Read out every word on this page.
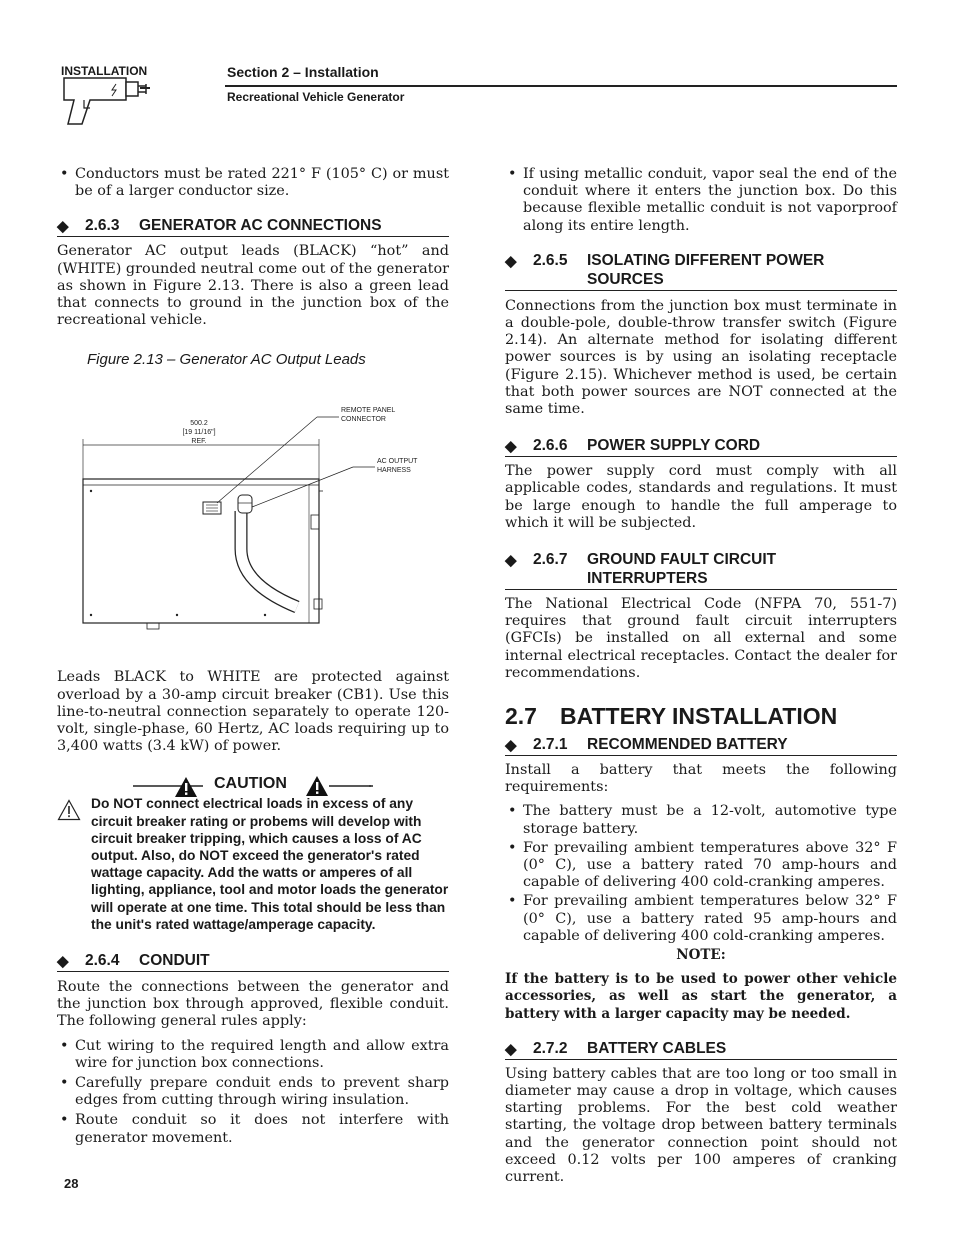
INSTALLATION	Section 2 – Installation
Recreational Vehicle Generator
• Conductors must be rated 221° F (105° C) or must be of a larger conductor size.
◆ 2.6.3 GENERATOR AC CONNECTIONS

Generator AC output leads (BLACK) “hot” and (WHITE) grounded neutral come out of the generator as shown in Figure 2.13. There is also a green lead that connects to ground in the junction box of the recreational vehicle.

Figure 2.13 – Generator AC Output Leads
500.2
[19 11/16"]
REF.
REMOTE PANEL
CONNECTOR
AC OUTPUT
HARNESS

Leads BLACK to WHITE are protected against overload by a 30-amp circuit breaker (CB1). Use this line-to-neutral connection separately to operate 120-volt, single-phase, 60 Hertz, AC loads requiring up to 3,400 watts (3.4 kW) of power.

CAUTION
Do NOT connect electrical loads in excess of any circuit breaker rating or probems will develop with circuit breaker tripping, which causes a loss of AC output. Also, do NOT exceed the generator's rated wattage capacity. Add the watts or amperes of all lighting, appliance, tool and motor loads the generator will operate at one time. This total should be less than the unit's rated wattage/amperage capacity.
◆ 2.6.4 CONDUIT

Route the connections between the generator and the junction box through approved, flexible conduit. The following general rules apply:

• Cut wiring to the required length and allow extra wire for junction box connections.
• Carefully prepare conduit ends to prevent sharp edges from cutting through wiring insulation.
• Route conduit so it does not interfere with generator movement.
• If using metallic conduit, vapor seal the end of the conduit where it enters the junction box. Do this because flexible metallic conduit is not vaporproof along its entire length.
◆ 2.6.5 ISOLATING DIFFERENT POWER
SOURCES

Connections from the junction box must terminate in a double-pole, double-throw transfer switch (Figure 2.14). An alternate method for isolating different power sources is by using an isolating receptacle (Figure 2.15). Whichever method is used, be certain that both power sources are NOT connected at the same time.

◆ 2.6.6 POWER SUPPLY CORD

The power supply cord must comply with all applicable codes, standards and regulations. It must be large enough to handle the full amperage to which it will be subjected.

◆ 2.6.7 GROUND FAULT CIRCUIT
INTERRUPTERS

The National Electrical Code (NFPA 70, 551-7) requires that ground fault circuit interrupters (GFCIs) be installed on all external and some internal electrical receptacles. Contact the dealer for recommendations.

2.7 BATTERY INSTALLATION
◆ 2.7.1 RECOMMENDED BATTERY

Install a battery that meets the following requirements:

• The battery must be a 12-volt, automotive type storage battery.
• For prevailing ambient temperatures above 32° F (0° C), use a battery rated 70 amp-hours and capable of delivering 400 cold-cranking amperes.
• For prevailing ambient temperatures below 32° F (0° C), use a battery rated 95 amp-hours and capable of delivering 400 cold-cranking amperes.
NOTE:
If the battery is to be used to power other vehicle accessories, as well as start the generator, a battery with a larger capacity may be needed.
◆ 2.7.2 BATTERY CABLES

Using battery cables that are too long or too small in diameter may cause a drop in voltage, which causes starting problems. For the best cold weather starting, the voltage drop between battery terminals and the generator connection point should not exceed 0.12 volts per 100 amperes of cranking current.

28
